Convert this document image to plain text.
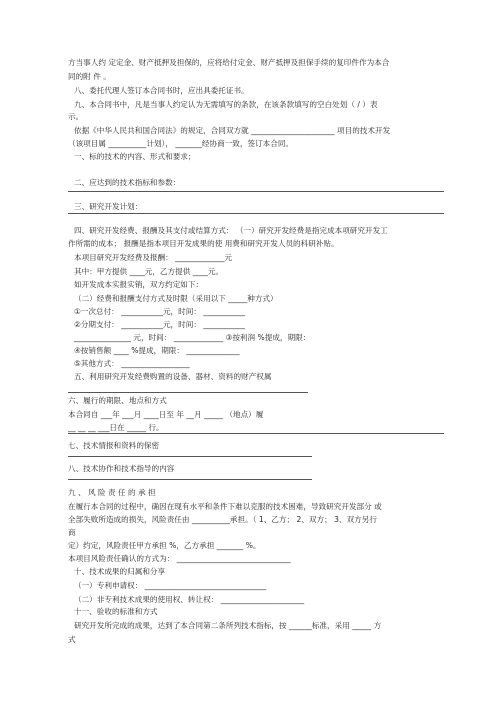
方当事人约 定定金、财产抵押及担保的，应将给付定金、财产抵押及担保手续的复印件作为本合
同的附 件 。
八、委托代理人签订本合同书时，应出具委托证书。
九、本合同书中，凡是当事人约定认为无需填写的条款，在该条款填写的空白处划（ / ）表
示。
依据《中华人民共和国合同法》的规定，合同双方就 ______________________ 项目的技术开发
（该项目属 __________计划）， _______经协商一致，签订本合同。
一、标的技术的内容、形式和要求；
二、应达到的技术指标和参数：
三、研究开发计划：
四、研究开发经费、报酬及其支付或结算方式： （一）研究开发经费是指完成本项研究开发工
作所需的成本； 报酬是指本项目开发成果的使 用费和研究开发人员的科研补贴。
本项目研究开发经费及报酬： _____________元
其中：甲方提供 ____元，乙方提供 ____元。
如开发成本实报实销，双方约定如下：
（二）经费和报酬支付方式及时限（采用以下 _____种方式）
①一次总付： ___________元，时间： ___________
②分期支付： ___________元，时间： ___________
_______________ 元，时间： _____________ ③按利润 %提成，期限：
④按销售额 ____ %提成，期限： ______________
⑤其他方式： __________________
五、利用研究开发经费购置的设备、器材、资料的财产权属
六、履行的期限、地点和方式
本合同自 ___年 ___月 ____日至 年 __月 _____ （地点）履
__ __ __ ___日在 _____ 行。
七、技术情报和资料的保密
八、技术协作和技术指导的内容
九 、 风 险 责 任 的 承 担
在履行本合同的过程中，确因在现有水平和条件下难以克服的技术困难，导致研究开发部分 或
全部失败所造成的损失，风险责任由 __________承担。（ 1、乙方； 2、双方； 3、双方另行
商
定）约定，风险责任甲方承担 %，乙方承担 _______ %。
本项目风险责任确认的方式为： ______________________________
十、技术成果的归属和分享
（一）专利申请权： ________________________________
（二）非专利技术成果的使用权、转让权： ______________________
十一、验收的标准和方式
研究开发所完成的成果，达到了本合同第二条所列技术指标，按 ______标准，采用 _____ 方
式
